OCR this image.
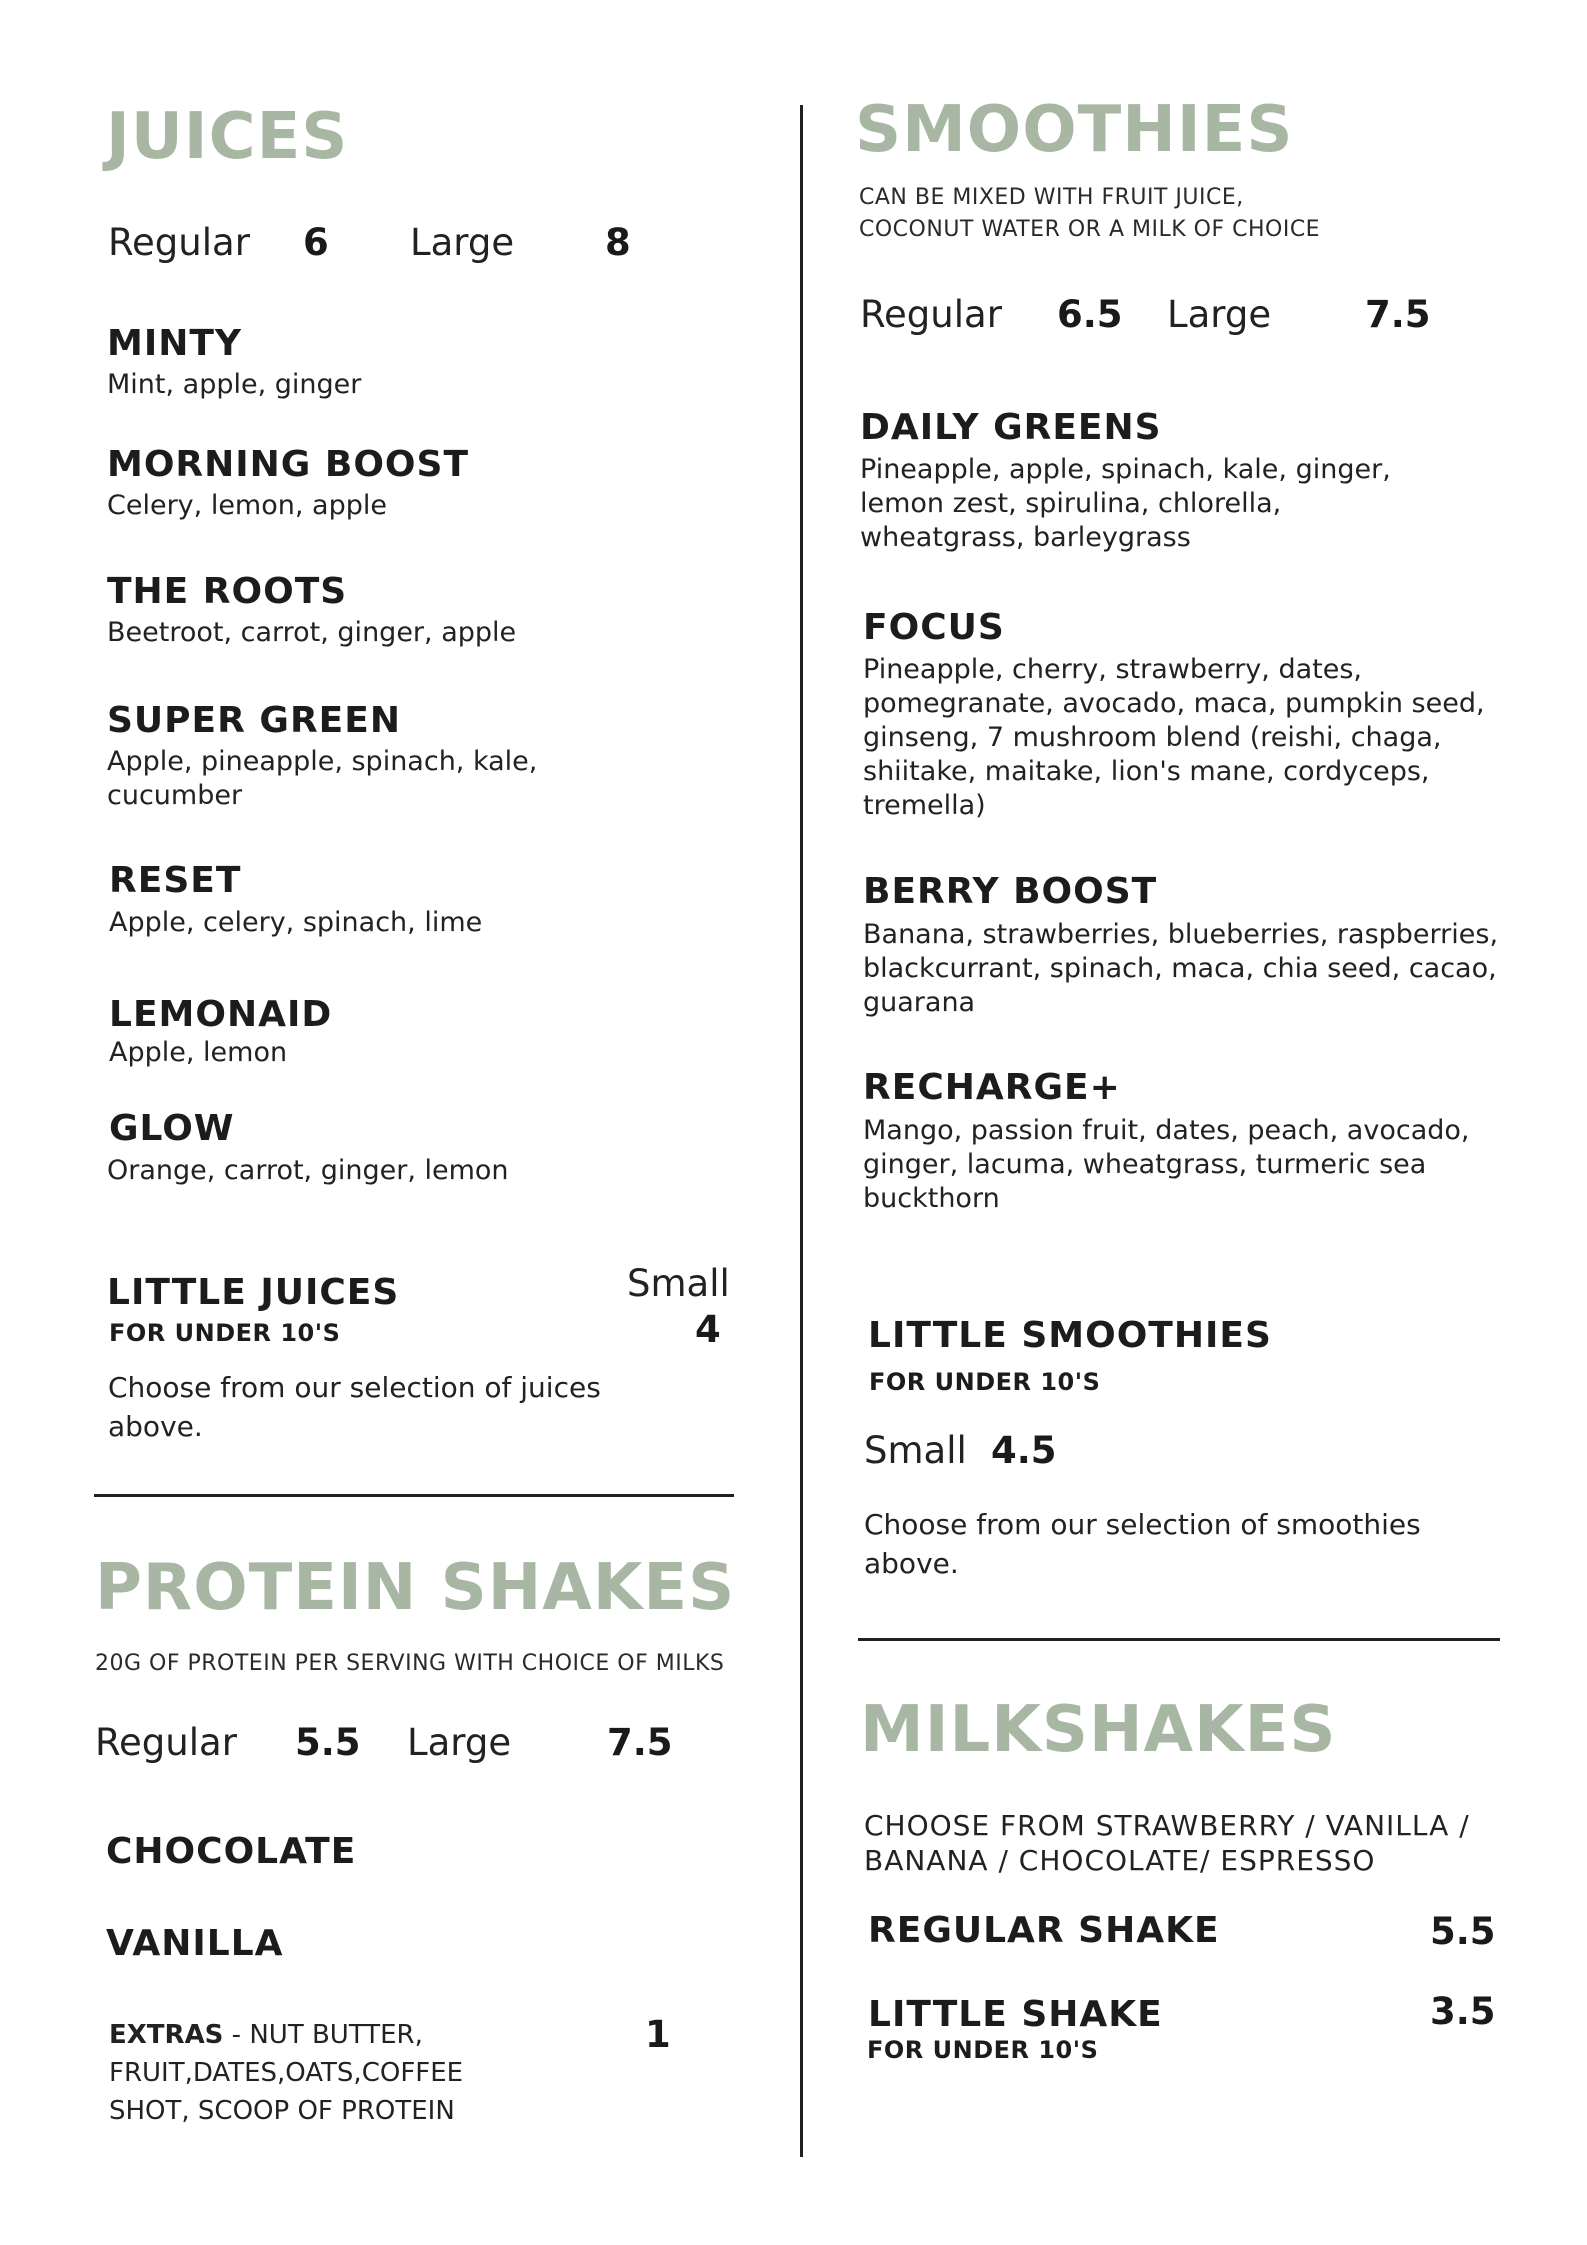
JUICES
Regular 6 Large 8
MINTY
Mint, apple, ginger
MORNING BOOST
Celery, lemon, apple
THE ROOTS
Beetroot, carrot, ginger, apple
SUPER GREEN
Apple, pineapple, spinach, kale, cucumber
RESET
Apple, celery, spinach, lime
LEMONAID
Apple, lemon
GLOW
Orange, carrot, ginger, lemon
LITTLE JUICES
FOR UNDER 10'S
Small
4
Choose from our selection of juices above.
PROTEIN SHAKES
20G OF PROTEIN PER SERVING WITH CHOICE OF MILKS
Regular 5.5 Large	7.5
CHOCOLATE
VANILLA
EXTRAS - NUT BUTTER, FRUIT,DATES,OATS,COFFEE SHOT, SCOOP OF PROTEIN
1
SMOOTHIES
CAN BE MIXED WITH FRUIT JUICE,
COCONUT WATER OR A MILK OF CHOICE
Regular 6.5 Large	7.5
DAILY GREENS
Pineapple, apple, spinach, kale, ginger, lemon zest, spirulina, chlorella, wheatgrass, barleygrass
FOCUS
Pineapple, cherry, strawberry, dates, pomegranate, avocado, maca, pumpkin seed, ginseng, 7 mushroom blend (reishi, chaga, shiitake, maitake, lion's mane, cordyceps, tremella)
BERRY BOOST
Banana, strawberries, blueberries, raspberries, blackcurrant, spinach, maca, chia seed, cacao, guarana
RECHARGE+
Mango, passion fruit, dates, peach, avocado, ginger, lacuma, wheatgrass, turmeric sea buckthorn
LITTLE SMOOTHIES
FOR UNDER 10'S
Small 4.5
Choose from our selection of smoothies above.
MILKSHAKES
CHOOSE FROM STRAWBERRY / VANILLA / BANANA / CHOCOLATE/ ESPRESSO
REGULAR SHAKE	5.5
LITTLE SHAKE
FOR UNDER 10'S
3.5
